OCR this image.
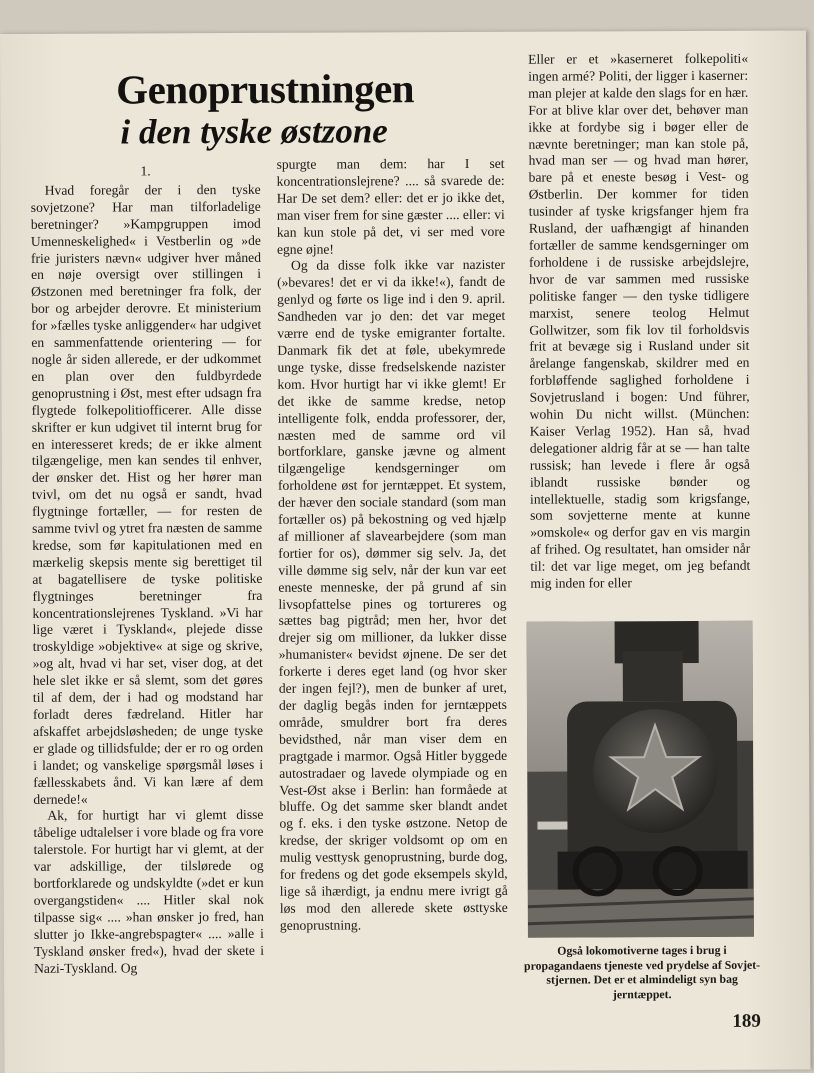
Genoprustningen
i den tyske østzone
1.

Hvad foregår der i den tyske sovjetzone? Har man tilforladelige beretninger? »Kampgruppen imod Umenneskelighed« i Vestberlin og »de frie juristers nævn« udgiver hver måned en nøje oversigt over stillingen i Østzonen med beretninger fra folk, der bor og arbejder derovre. Et ministerium for »fælles tyske anliggender« har udgivet en sammenfattende orientering — for nogle år siden allerede, er der udkommet en plan over den fuldbyrdede genoprustning i Øst, mest efter udsagn fra flygtede folkepolitiofficerer. Alle disse skrifter er kun udgivet til internt brug for en interesseret kreds; de er ikke alment tilgængelige, men kan sendes til enhver, der ønsker det. Hist og her hører man tvivl, om det nu også er sandt, hvad flygtninge fortæller, — for resten de samme tvivl og ytret fra næsten de samme kredse, som før kapitulationen med en mærkelig skepsis mente sig berettiget til at bagatellisere de tyske politiske flygtninges beretninger fra koncentrationslejrenes Tyskland. »Vi har lige været i Tyskland«, plejede disse troskyldige »objektive« at sige og skrive, »og alt, hvad vi har set, viser dog, at det hele slet ikke er så slemt, som det gøres til af dem, der i had og modstand har forladt deres fædreland. Hitler har afskaffet arbejdsløsheden; de unge tyske er glade og tillidsfulde; der er ro og orden i landet; og vanskelige spørgsmål løses i fællesskabets ånd. Vi kan lære af dem dernede!«

Ak, for hurtigt har vi glemt disse tåbelige udtalelser i vore blade og fra vore talerstole. For hurtigt har vi glemt, at der var adskillige, der tilslørede og bortforklarede og undskyldte (»det er kun overgangstiden« .... Hitler skal nok tilpasse sig« .... »han ønsker jo fred, han slutter jo Ikke-angrebspagter« .... »alle i Tyskland ønsker fred«), hvad der skete i Nazi-Tyskland. Og

spurgte man dem: har I set koncentrationslejrene? .... så svarede de: Har De set dem? eller: det er jo ikke det, man viser frem for sine gæster .... eller: vi kan kun stole på det, vi ser med vore egne øjne!

Og da disse folk ikke var nazister (»bevares! det er vi da ikke!«), fandt de genlyd og førte os lige ind i den 9. april. Sandheden var jo den: det var meget værre end de tyske emigranter fortalte. Danmark fik det at føle, ubekymrede unge tyske, disse fredselskende nazister kom. Hvor hurtigt har vi ikke glemt! Er det ikke de samme kredse, netop intelligente folk, endda professorer, der, næsten med de samme ord vil bortforklare, ganske jævne og alment tilgængelige kendsgerninger om forholdene øst for jerntæppet. Et system, der hæver den sociale standard (som man fortæller os) på bekostning og ved hjælp af millioner af slavearbejdere (som man fortier for os), dømmer sig selv. Ja, det ville dømme sig selv, når der kun var eet eneste menneske, der på grund af sin livsopfattelse pines og tortureres og sættes bag pigtråd; men her, hvor det drejer sig om millioner, da lukker disse »humanister« bevidst øjnene. De ser det forkerte i deres eget land (og hvor sker der ingen fejl?), men de bunker af uret, der daglig begås inden for jerntæppets område, smuldrer bort fra deres bevidsthed, når man viser dem en pragtgade i marmor. Også Hitler byggede autostradaer og lavede olympiade og en Vest-Øst akse i Berlin: han formåede at bluffe. Og det samme sker blandt andet og f. eks. i den tyske østzone. Netop de kredse, der skriger voldsomt op om en mulig vesttysk genoprustning, burde dog, for fredens og det gode eksempels skyld, lige så ihærdigt, ja endnu mere ivrigt gå løs mod den allerede skete østtyske genoprustning.

Eller er et »kaserneret folkepoliti« ingen armé? Politi, der ligger i kaserner: man plejer at kalde den slags for en hær. For at blive klar over det, behøver man ikke at fordybe sig i bøger eller de nævnte beretninger; man kan stole på, hvad man ser — og hvad man hører, bare på et eneste besøg i Vest- og Østberlin. Der kommer for tiden tusinder af tyske krigsfanger hjem fra Rusland, der uafhængigt af hinanden fortæller de samme kendsgerninger om forholdene i de russiske arbejdslejre, hvor de var sammen med russiske politiske fanger — den tyske tidligere marxist, senere teolog Helmut Gollwitzer, som fik lov til forholdsvis frit at bevæge sig i Rusland under sit årelange fangenskab, skildrer med en forbløffende saglighed forholdene i Sovjetrusland i bogen: Und führer, wohin Du nicht willst. (München: Kaiser Verlag 1952). Han så, hvad delegationer aldrig får at se — han talte russisk; han levede i flere år også iblandt russiske bønder og intellektuelle, stadig som krigsfange, som sovjetterne mente at kunne »omskole« og derfor gav en vis margin af frihed. Og resultatet, han omsider når til: det var lige meget, om jeg befandt mig inden for eller

Også lokomotiverne tages i brug i propagandaens tjeneste ved prydelse af Sovjet-stjernen. Det er et almindeligt syn bag jerntæppet.
189
